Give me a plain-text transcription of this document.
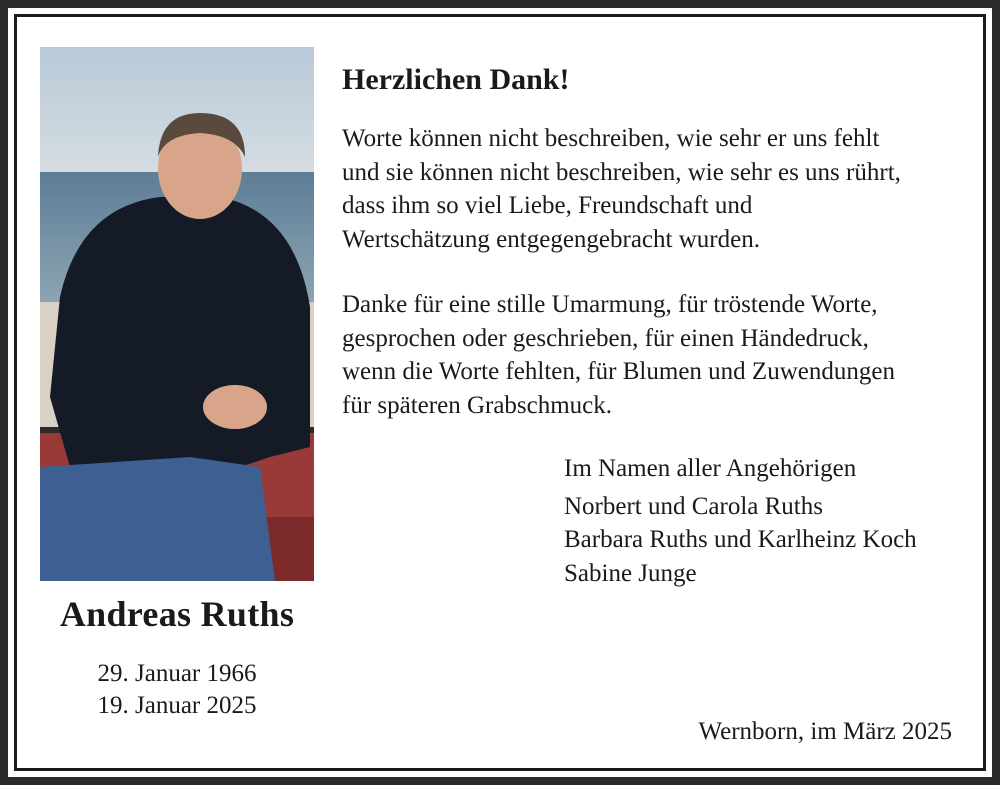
Andreas Ruths
29. Januar 1966
19. Januar 2025
Herzlichen Dank!
Worte können nicht beschreiben, wie sehr er uns fehlt
und sie können nicht beschreiben, wie sehr es uns rührt,
dass ihm so viel Liebe, Freundschaft und
Wertschätzung entgegengebracht wurden.
Danke für eine stille Umarmung, für tröstende Worte,
gesprochen oder geschrieben, für einen Händedruck,
wenn die Worte fehlten, für Blumen und Zuwendungen
für späteren Grabschmuck.
Im Namen aller Angehörigen
Norbert und Carola Ruths
Barbara Ruths und Karlheinz Koch
Sabine Junge
Wernborn, im März 2025
